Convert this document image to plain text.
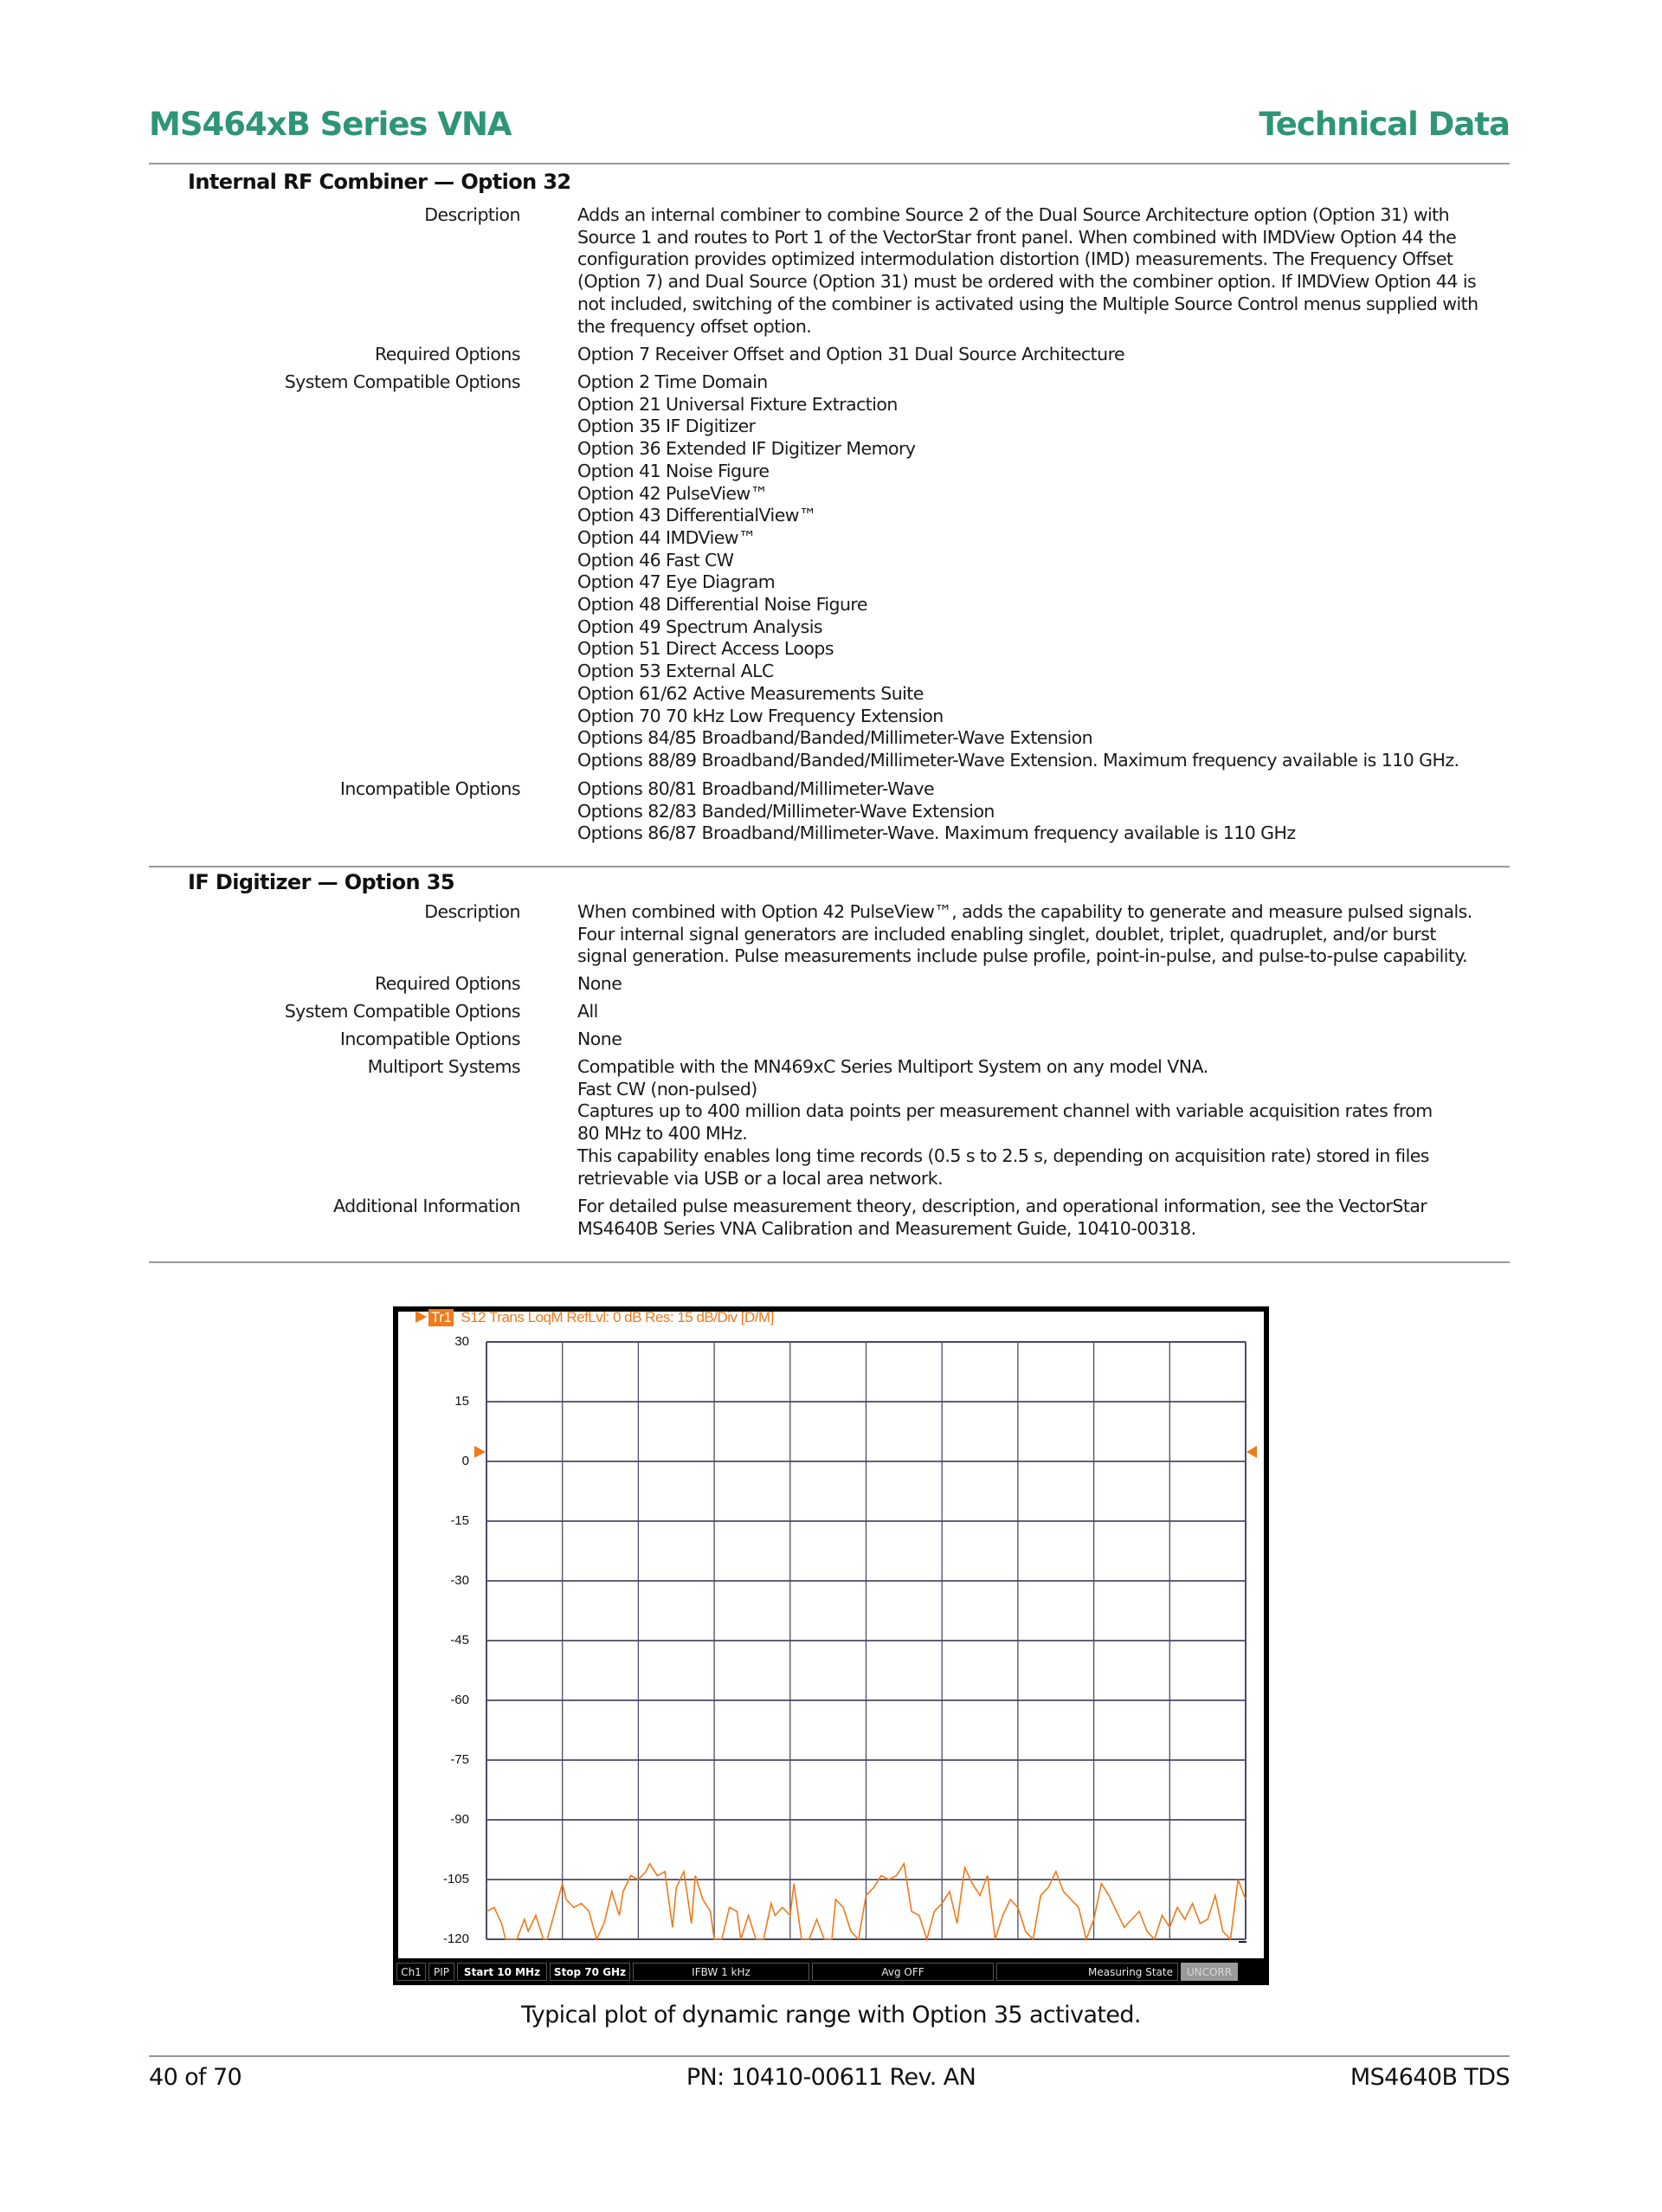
MS464xB Series VNA	Technical Data
Internal RF Combiner — Option 32
Description	Adds an internal combiner to combine Source 2 of the Dual Source Architecture option (Option 31) with
Source 1 and routes to Port 1 of the VectorStar front panel. When combined with IMDView Option 44 the
configuration provides optimized intermodulation distortion (IMD) measurements. The Frequency Offset
(Option 7) and Dual Source (Option 31) must be ordered with the combiner option. If IMDView Option 44 is
not included, switching of the combiner is activated using the Multiple Source Control menus supplied with
the frequency offset option.
Required Options	Option 7 Receiver Offset and Option 31 Dual Source Architecture
System Compatible Options	Option 2 Time Domain
Option 21 Universal Fixture Extraction
Option 35 IF Digitizer
Option 36 Extended IF Digitizer Memory
Option 41 Noise Figure
Option 42 PulseView™
Option 43 DifferentialView™
Option 44 IMDView™
Option 46 Fast CW
Option 47 Eye Diagram
Option 48 Differential Noise Figure
Option 49 Spectrum Analysis
Option 51 Direct Access Loops
Option 53 External ALC
Option 61/62 Active Measurements Suite
Option 70 70 kHz Low Frequency Extension
Options 84/85 Broadband/Banded/Millimeter-Wave Extension
Options 88/89 Broadband/Banded/Millimeter-Wave Extension. Maximum frequency available is 110 GHz.
Incompatible Options	Options 80/81 Broadband/Millimeter-Wave
Options 82/83 Banded/Millimeter-Wave Extension
Options 86/87 Broadband/Millimeter-Wave. Maximum frequency available is 110 GHz
IF Digitizer — Option 35
Description	When combined with Option 42 PulseView™, adds the capability to generate and measure pulsed signals.
Four internal signal generators are included enabling singlet, doublet, triplet, quadruplet, and/or burst
signal generation. Pulse measurements include pulse profile, point-in-pulse, and pulse-to-pulse capability.
Required Options	None
System Compatible Options	All
Incompatible Options	None
Multiport Systems	Compatible with the MN469xC Series Multiport System on any model VNA.
Fast CW (non-pulsed)
Captures up to 400 million data points per measurement channel with variable acquisition rates from
80 MHz to 400 MHz.
This capability enables long time records (0.5 s to 2.5 s, depending on acquisition rate) stored in files
retrievable via USB or a local area network.
Additional Information	For detailed pulse measurement theory, description, and operational information, see the VectorStar
MS4640B Series VNA Calibration and Measurement Guide, 10410-00318.
Tr1 S12 Trans LoqM RefLvl: 0 dB Res: 15 dB/Div [D/M]
30
15
0
-15
-30
-45
-60
-75
-90
-105
-120
Ch1	PIP	Start 10 MHz	Stop 70 GHz	IFBW 1 kHz	Avg OFF	Measuring State	UNCORR
Typical plot of dynamic range with Option 35 activated.
40 of 70	PN: 10410-00611 Rev. AN	MS4640B TDS
